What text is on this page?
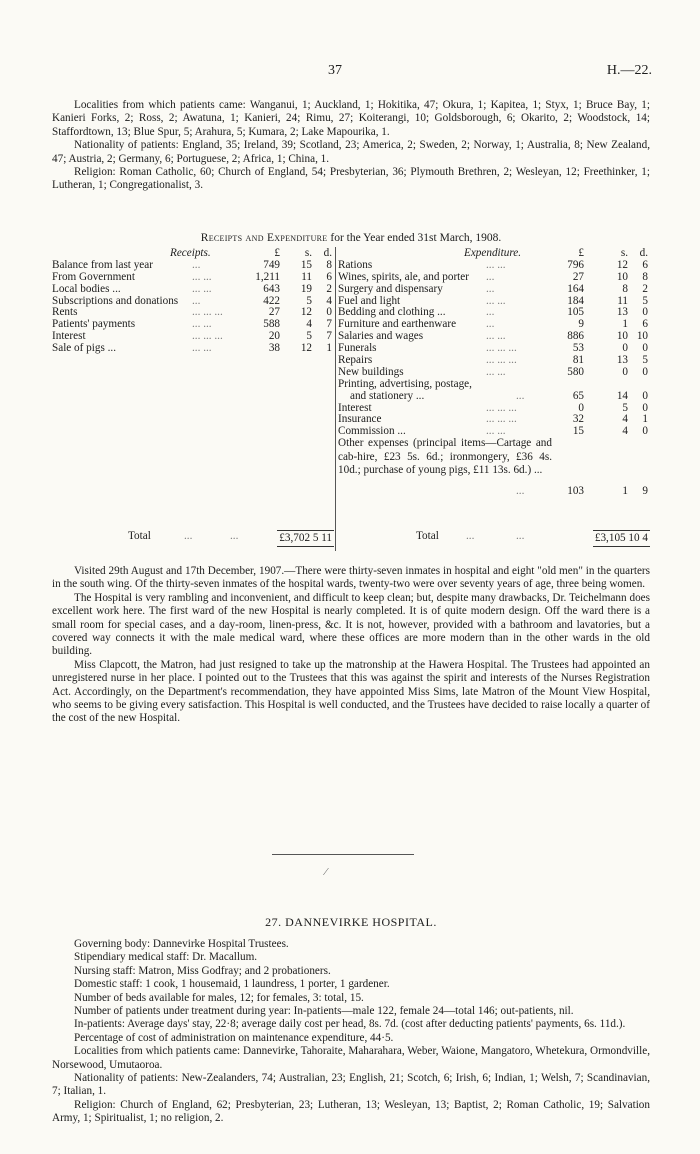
37	H.—22.

Localities from which patients came: Wanganui, 1; Auckland, 1; Hokitika, 47; Okura, 1; Kapitea, 1; Styx, 1; Bruce Bay, 1; Kanieri Forks, 2; Ross, 2; Awatuna, 1; Kanieri, 24; Rimu, 27; Koiterangi, 10; Goldsborough, 6; Okarito, 2; Woodstock, 14; Staffordtown, 13; Blue Spur, 5; Arahura, 5; Kumara, 2; Lake Mapourika, 1.

Nationality of patients: England, 35; Ireland, 39; Scotland, 23; America, 2; Sweden, 2; Norway, 1; Australia, 8; New Zealand, 47; Austria, 2; Germany, 6; Portuguese, 2; Africa, 1; China, 1.

Religion: Roman Catholic, 60; Church of England, 54; Presbyterian, 36; Plymouth Brethren, 2; Wesleyan, 12; Freethinker, 1; Lutheran, 1; Congregationalist, 3.

Receipts and Expenditure for the Year ended 31st March, 1908.
Receipts.	£ s. d.
Balance from last year	...	749 15 8
From Government	... ...	1,211 11 6
Local bodies ...	... ...	643 19 2
Subscriptions and donations ...	422 5 4
Rents	... ... ...	27 12 0
Patients' payments	... ...	588 4 7
Interest	... ... ...	20 5 7
Sale of pigs ...	... ...	38 12 1
Expenditure.	£	s. d.
Rations	... ...	796	12 6
Wines, spirits, ale, and porter ...	27	10 8
Surgery and dispensary	...	164	8 2
Fuel and light	... ...	184	11 5
Bedding and clothing ...	...	105	13 0
Furniture and earthenware	...	9	1 6
Salaries and wages	... ...	886	10 10
Funerals	... ... ...	53	0 0
Repairs	... ... ...	81	13 5
New buildings	... ...	580	0 0
Printing, advertising, postage,
and stationery ...	...	65	14 0
Interest	... ... ...	0	5 0
Insurance	... ... ...	32	4 1
Commission ...	... ...	15	4 0
Other expenses (principal items—Cartage and cab-hire, £23 5s. 6d.; ironmongery, £36 4s. 10d.; purchase of young pigs, £11 13s. 6d.) ...
...	103	1 9
Total	...	...	£3,702 5 11	Total ...	...	£3,105 10 4

Visited 29th August and 17th December, 1907.—There were thirty-seven inmates in hospital and eight "old men" in the quarters in the south wing. Of the thirty-seven inmates of the hospital wards, twenty-two were over seventy years of age, three being women.

The Hospital is very rambling and inconvenient, and difficult to keep clean; but, despite many drawbacks, Dr. Teichelmann does excellent work here. The first ward of the new Hospital is nearly completed. It is of quite modern design. Off the ward there is a small room for special cases, and a day-room, linen-press, &c. It is not, however, provided with a bathroom and lavatories, but a covered way connects it with the male medical ward, where these offices are more modern than in the other wards in the old building.

Miss Clapcott, the Matron, had just resigned to take up the matronship at the Hawera Hospital. The Trustees had appointed an unregistered nurse in her place. I pointed out to the Trustees that this was against the spirit and interests of the Nurses Registration Act. Accordingly, on the Department's recommendation, they have appointed Miss Sims, late Matron of the Mount View Hospital, who seems to be giving every satisfaction. This Hospital is well conducted, and the Trustees have decided to raise locally a quarter of the cost of the new Hospital.

⁄
27. DANNEVIRKE HOSPITAL.

Governing body: Dannevirke Hospital Trustees.

Stipendiary medical staff: Dr. Macallum.

Nursing staff: Matron, Miss Godfray; and 2 probationers.

Domestic staff: 1 cook, 1 housemaid, 1 laundress, 1 porter, 1 gardener.

Number of beds available for males, 12; for females, 3: total, 15.

Number of patients under treatment during year: In-patients—male 122, female 24—total 146; out-patients, nil.

In-patients: Average days' stay, 22·8; average daily cost per head, 8s. 7d. (cost after deducting patients' payments, 6s. 11d.).

Percentage of cost of administration on maintenance expenditure, 44·5.

Localities from which patients came: Dannevirke, Tahoraite, Maharahara, Weber, Waione, Mangatoro, Whetekura, Ormondville, Norsewood, Umutaoroa.

Nationality of patients: New-Zealanders, 74; Australian, 23; English, 21; Scotch, 6; Irish, 6; Indian, 1; Welsh, 7; Scandinavian, 7; Italian, 1.

Religion: Church of England, 62; Presbyterian, 23; Lutheran, 13; Wesleyan, 13; Baptist, 2; Roman Catholic, 19; Salvation Army, 1; Spiritualist, 1; no religion, 2.
